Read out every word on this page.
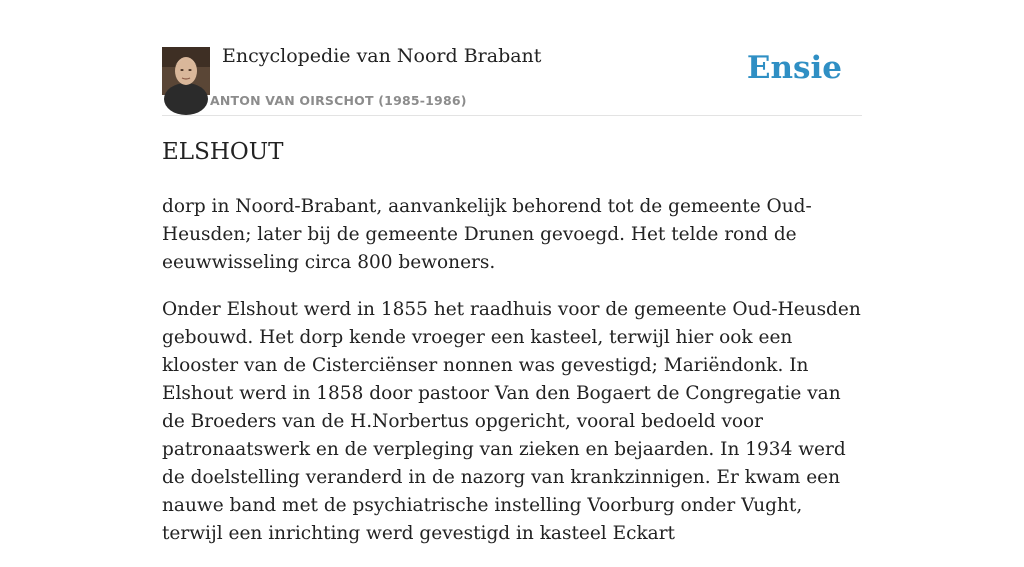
Encyclopedie van Noord Brabant
ANTON VAN OIRSCHOT (1985-1986)
Ensie
ELSHOUT

dorp in Noord-Brabant, aanvankelijk behorend tot de gemeente Oud-Heusden; later bij de gemeente Drunen gevoegd. Het telde rond de eeuwwisseling circa 800 bewoners.

Onder Elshout werd in 1855 het raadhuis voor de gemeente Oud-Heusden gebouwd. Het dorp kende vroeger een kasteel, terwijl hier ook een klooster van de Cisterciënser nonnen was gevestigd; Mariëndonk. In Elshout werd in 1858 door pastoor Van den Bogaert de Congregatie van de Broeders van de H.Norbertus opgericht, vooral bedoeld voor patronaatswerk en de verpleging van zieken en bejaarden. In 1934 werd de doelstelling veranderd in de nazorg van krankzinnigen. Er kwam een nauwe band met de psychiatrische instelling Voorburg onder Vught, terwijl een inrichting werd gevestigd in kasteel Eckart
